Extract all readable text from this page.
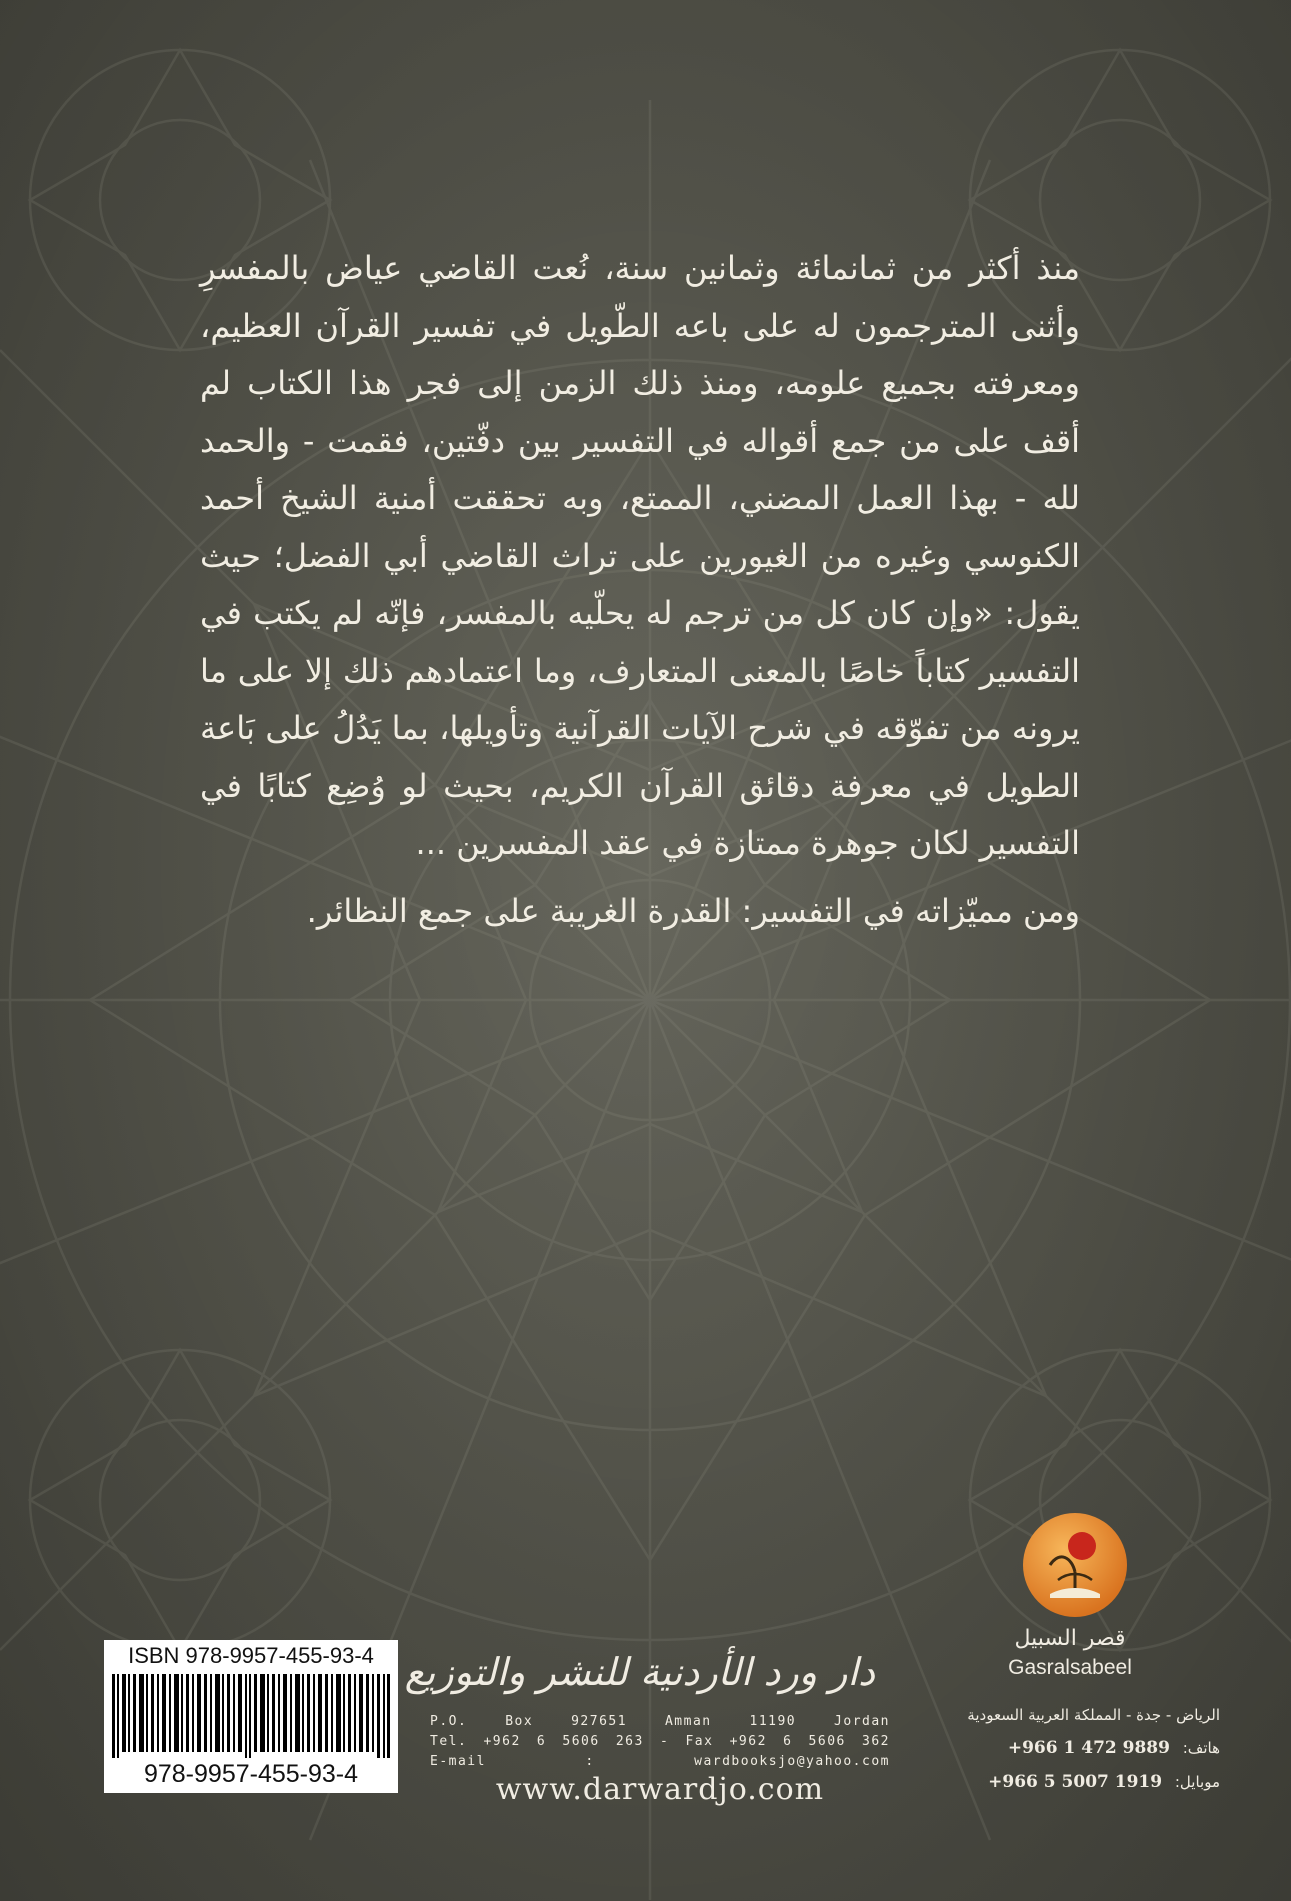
منذ أكثر من ثمانمائة وثمانين سنة، نُعت القاضي عياض بالمفسرِ وأثنى المترجمون له على باعه الطّويل في تفسير القرآن العظيم، ومعرفته بجميع علومه، ومنذ ذلك الزمن إلى فجر هذا الكتاب لم أقف على من جمع أقواله في التفسير بين دفّتين، فقمت - والحمد لله - بهذا العمل المضني، الممتع، وبه تحققت أمنية الشيخ أحمد الكنوسي وغيره من الغيورين على تراث القاضي أبي الفضل؛ حيث يقول: «وإن كان كل من ترجم له يحلّيه بالمفسر، فإنّه لم يكتب في التفسير كتاباً خاصًا بالمعنى المتعارف، وما اعتمادهم ذلك إلا على ما يرونه من تفوّقه في شرح الآيات القرآنية وتأويلها، بما يَدُلُ على بَاعة الطويل في معرفة دقائق القرآن الكريم، بحيث لو وُضِع كتابًا في التفسير لكان جوهرة ممتازة في عقد المفسرين ...

ومن مميّزاته في التفسير: القدرة الغريبة على جمع النظائر.

ISBN 978-9957-455-93-4
978-9957-455-93-4
دار ورد الأردنية للنشر والتوزيع
P.O. Box 927651 Amman 11190 Jordan
Tel. +962 6 5606 263 - Fax +962 6 5606 362
E-mail : wardbooksjo@yahoo.com
www.darwardjo.com
قصر السبيل
Gasralsabeel
الرياض - جدة - المملكة العربية السعودية
هاتف: +966 1 472 9889
موبايل: +966 5 5007 1919
